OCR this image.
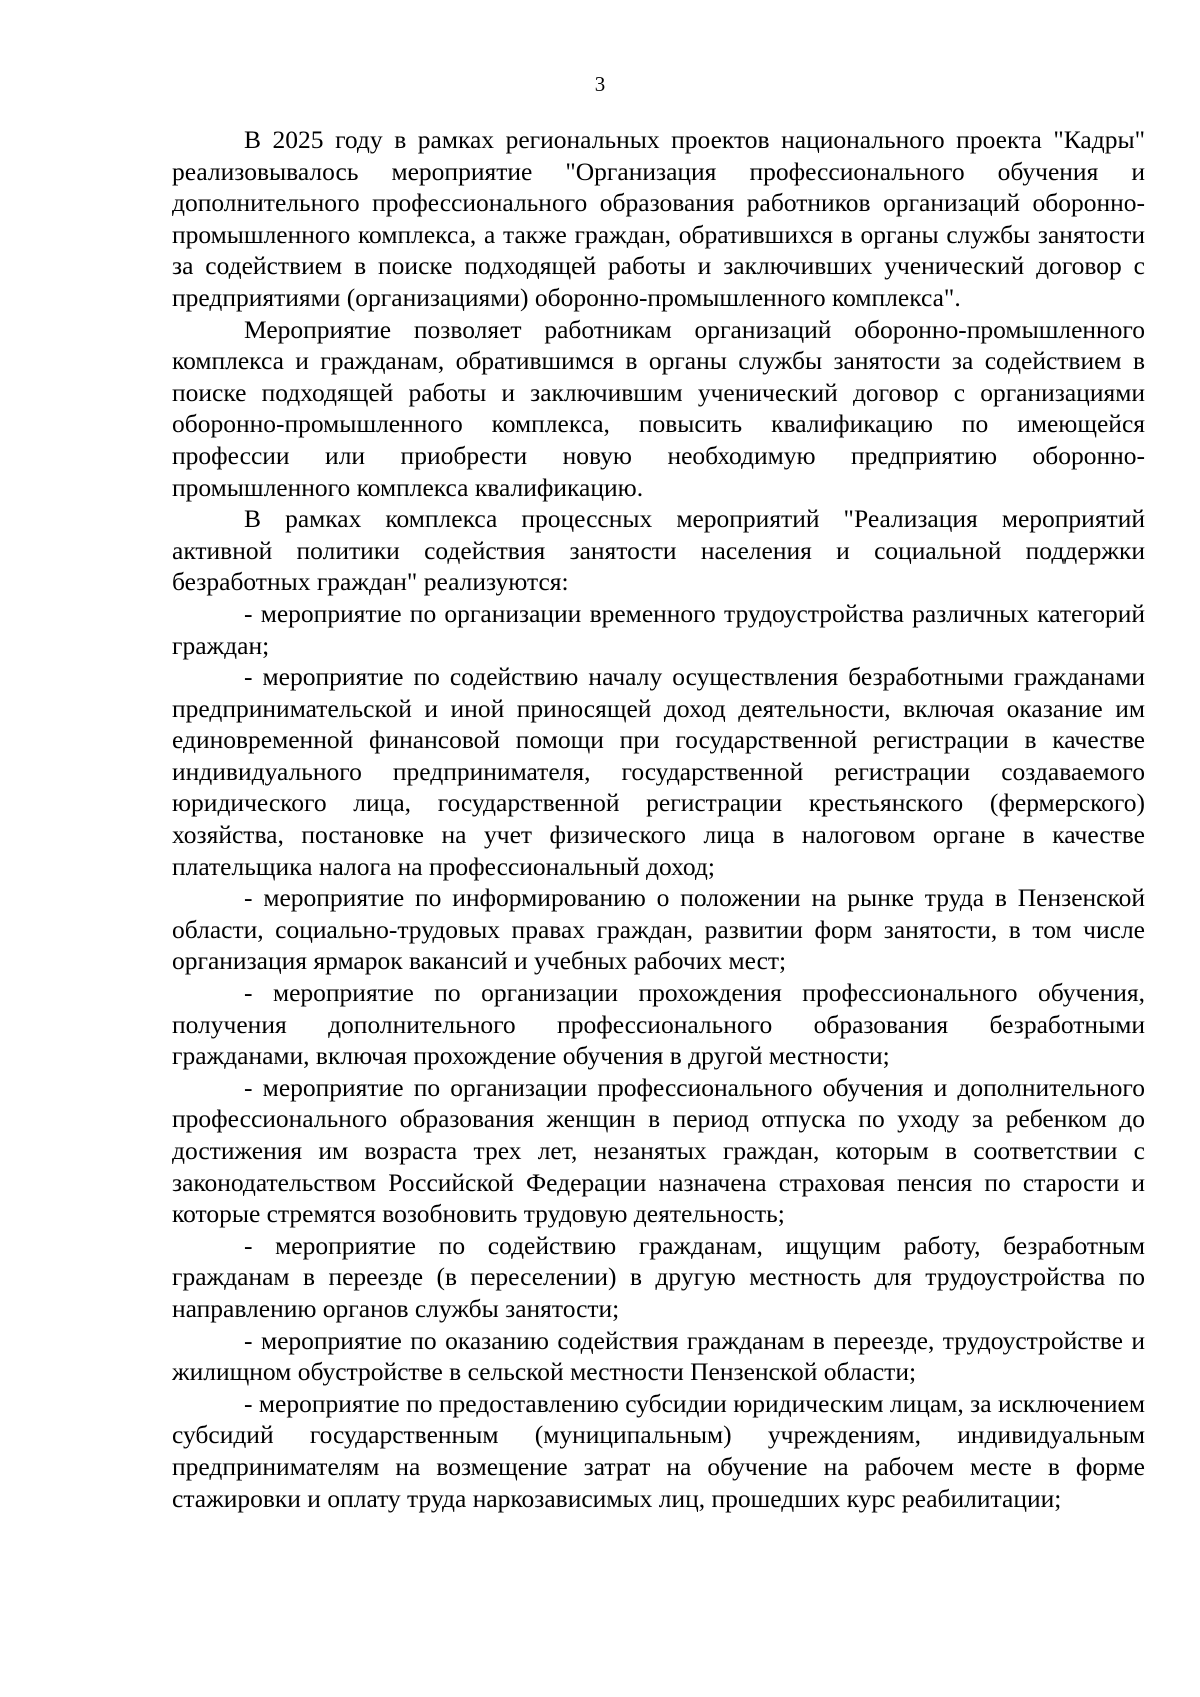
3

В 2025 году в рамках региональных проектов национального проекта "Кадры" реализовывалось мероприятие "Организация профессионального обучения и дополнительного профессионального образования работников организаций оборонно-промышленного комплекса, а также граждан, обратившихся в органы службы занятости за содействием в поиске подходящей работы и заключивших ученический договор с предприятиями (организациями) оборонно-промышленного комплекса".

Мероприятие позволяет работникам организаций оборонно-промышленного комплекса и гражданам, обратившимся в органы службы занятости за содействием в поиске подходящей работы и заключившим ученический договор с организациями оборонно-промышленного комплекса, повысить квалификацию по имеющейся профессии или приобрести новую необходимую предприятию оборонно-промышленного комплекса квалификацию.

В рамках комплекса процессных мероприятий "Реализация мероприятий активной политики содействия занятости населения и социальной поддержки безработных граждан" реализуются:

- мероприятие по организации временного трудоустройства различных категорий граждан;

- мероприятие по содействию началу осуществления безработными гражданами предпринимательской и иной приносящей доход деятельности, включая оказание им единовременной финансовой помощи при государственной регистрации в качестве индивидуального предпринимателя, государственной регистрации создаваемого юридического лица, государственной регистрации крестьянского (фермерского) хозяйства, постановке на учет физического лица в налоговом органе в качестве плательщика налога на профессиональный доход;

- мероприятие по информированию о положении на рынке труда в Пензенской области, социально-трудовых правах граждан, развитии форм занятости, в том числе организация ярмарок вакансий и учебных рабочих мест;

- мероприятие по организации прохождения профессионального обучения, получения дополнительного профессионального образования безработными гражданами, включая прохождение обучения в другой местности;

- мероприятие по организации профессионального обучения и дополнительного профессионального образования женщин в период отпуска по уходу за ребенком до достижения им возраста трех лет, незанятых граждан, которым в соответствии с законодательством Российской Федерации назначена страховая пенсия по старости и которые стремятся возобновить трудовую деятельность;

- мероприятие по содействию гражданам, ищущим работу, безработным гражданам в переезде (в переселении) в другую местность для трудоустройства по направлению органов службы занятости;

- мероприятие по оказанию содействия гражданам в переезде, трудоустройстве и жилищном обустройстве в сельской местности Пензенской области;

- мероприятие по предоставлению субсидии юридическим лицам, за исключением субсидий государственным (муниципальным) учреждениям, индивидуальным предпринимателям на возмещение затрат на обучение на рабочем месте в форме стажировки и оплату труда наркозависимых лиц, прошедших курс реабилитации;
